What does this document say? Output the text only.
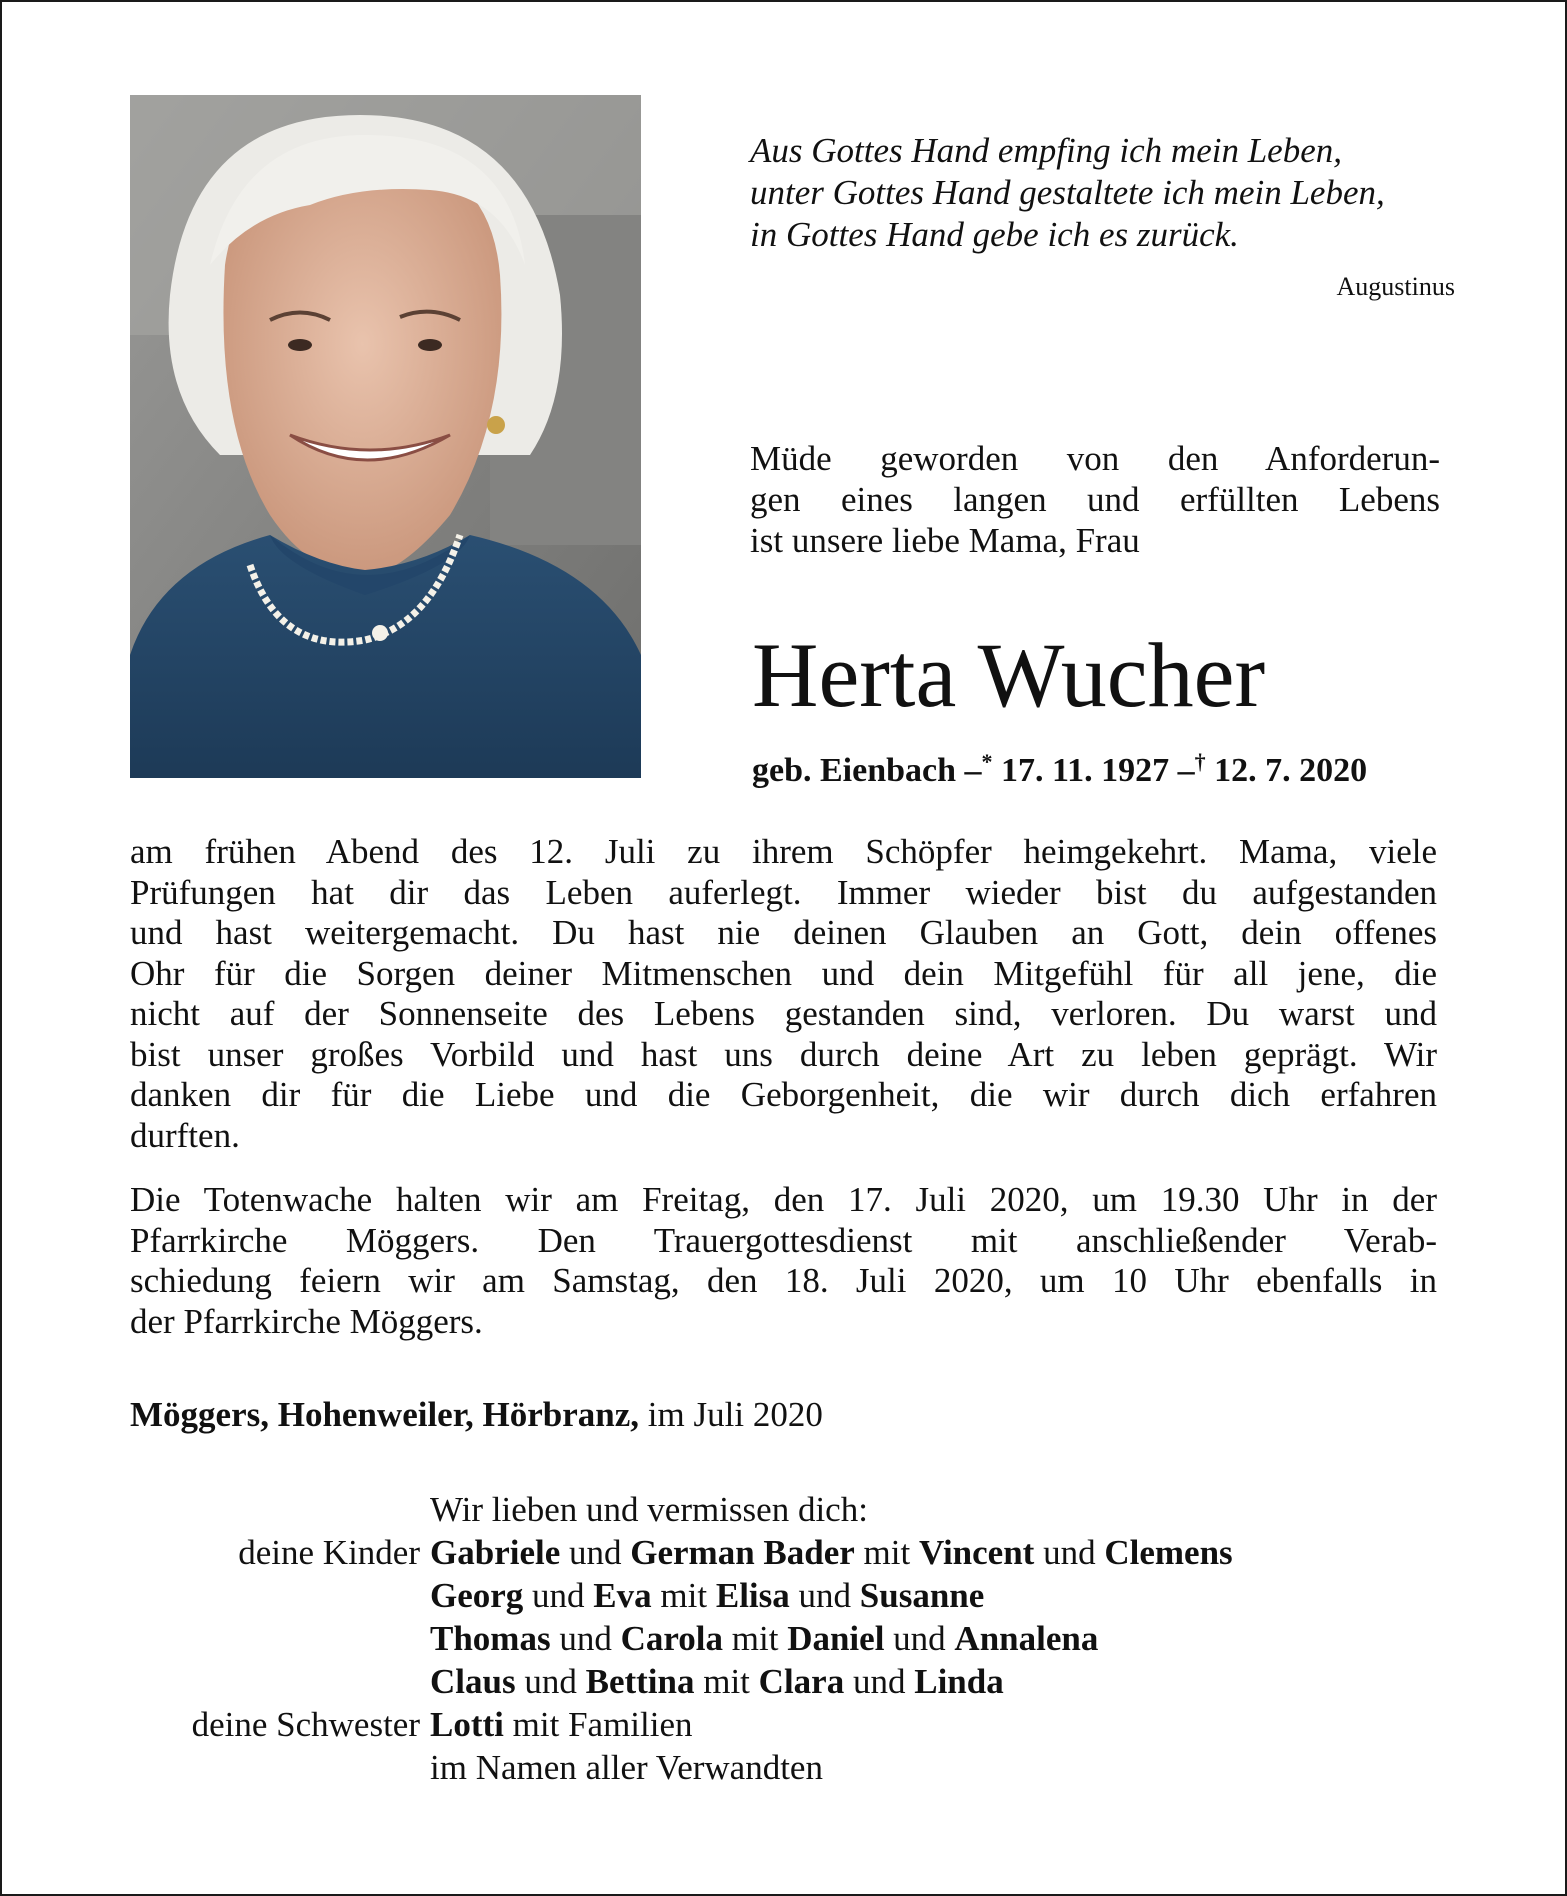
Aus Gottes Hand empfing ich mein Leben,
unter Gottes Hand gestaltete ich mein Leben,
in Gottes Hand gebe ich es zurück.
Augustinus
Müde geworden von den Anforderun-
gen eines langen und erfüllten Lebens
ist unsere liebe Mama, Frau
Herta Wucher
geb. Eienbach –* 17. 11. 1927 –† 12. 7. 2020
am frühen Abend des 12. Juli zu ihrem Schöpfer heimgekehrt. Mama, viele
Prüfungen hat dir das Leben auferlegt. Immer wieder bist du aufgestanden
und hast weitergemacht. Du hast nie deinen Glauben an Gott, dein offenes
Ohr für die Sorgen deiner Mitmenschen und dein Mitgefühl für all jene, die
nicht auf der Sonnenseite des Lebens gestanden sind, verloren. Du warst und
bist unser großes Vorbild und hast uns durch deine Art zu leben geprägt. Wir
danken dir für die Liebe und die Geborgenheit, die wir durch dich erfahren
durften.
Die Totenwache halten wir am Freitag, den 17. Juli 2020, um 19.30 Uhr in der
Pfarrkirche Möggers. Den Trauergottesdienst mit anschließender Verab-
schiedung feiern wir am Samstag, den 18. Juli 2020, um 10 Uhr ebenfalls in
der Pfarrkirche Möggers.
Möggers, Hohenweiler, Hörbranz, im Juli 2020
Wir lieben und vermissen dich:
deine Kinder Gabriele und German Bader mit Vincent und Clemens
Georg und Eva mit Elisa und Susanne
Thomas und Carola mit Daniel und Annalena
Claus und Bettina mit Clara und Linda
deine Schwester Lotti mit Familien
im Namen aller Verwandten
